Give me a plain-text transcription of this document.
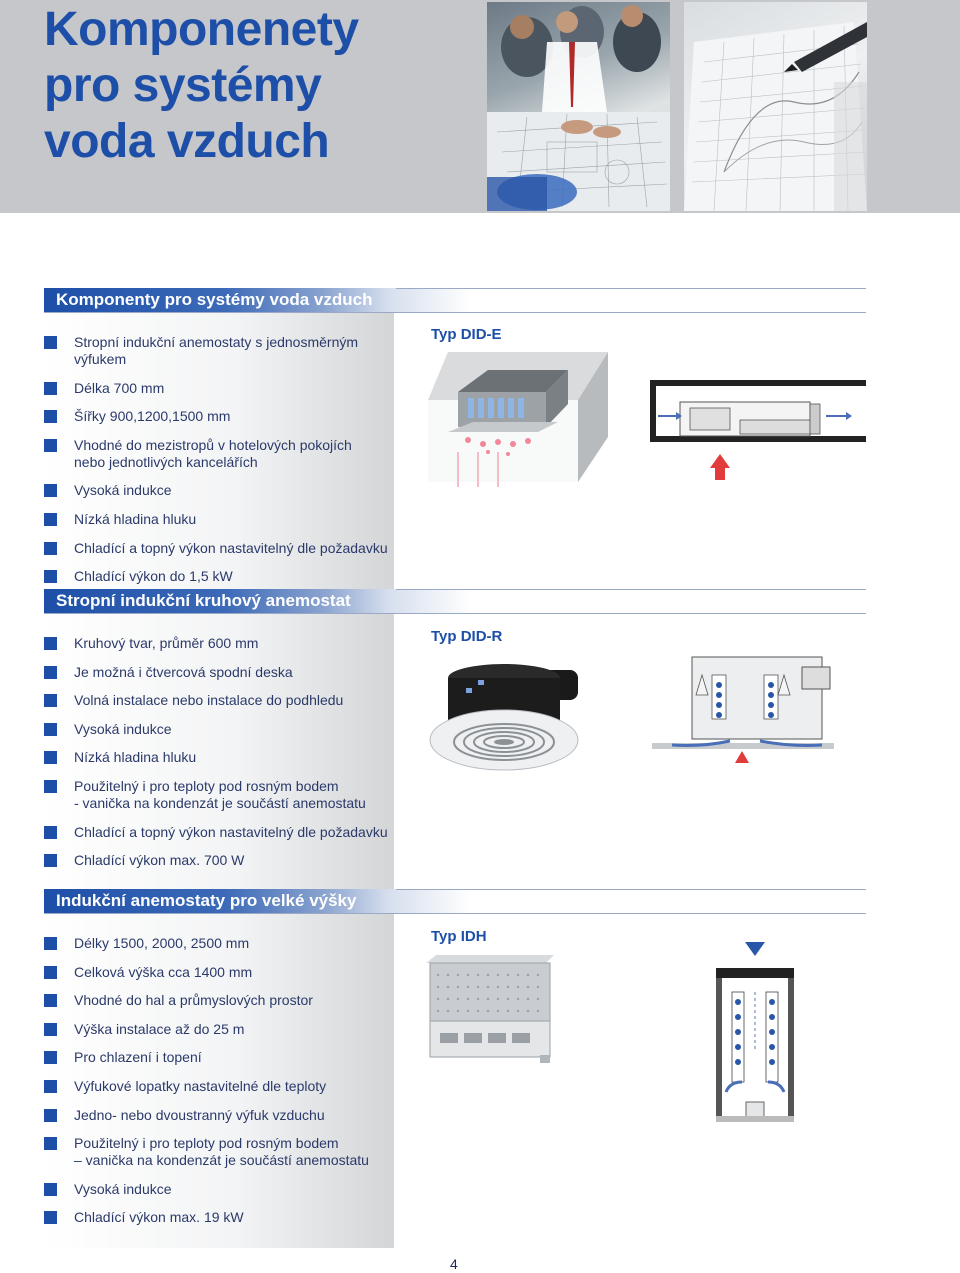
Komponenety
pro systémy
voda vzduch
Komponenty pro systémy voda vzduch
Stropní indukční anemostaty s jednosměrným výfukem
Délka 700 mm
Šířky 900,1200,1500 mm
Vhodné do mezistropů v hotelových pokojích
nebo jednotlivých kancelářích
Vysoká indukce
Nízká hladina hluku
Chladící a topný výkon nastavitelný dle požadavku
Chladící výkon do 1,5 kW
Typ DID-E
Stropní indukční kruhový anemostat
Kruhový tvar, průměr 600 mm
Je možná i čtvercová spodní deska
Volná instalace nebo instalace do podhledu
Vysoká indukce
Nízká hladina hluku
Použitelný i pro teploty pod rosným bodem
- vanička na kondenzát je součástí anemostatu
Chladící a topný výkon nastavitelný dle požadavku
Chladící výkon max. 700 W
Typ DID-R
Indukční anemostaty pro velké výšky
Délky 1500, 2000, 2500 mm
Celková výška cca 1400 mm
Vhodné do hal a průmyslových prostor
Výška instalace až do 25 m
Pro chlazení i topení
Výfukové lopatky nastavitelné dle teploty
Jedno- nebo dvoustranný výfuk vzduchu
Použitelný i pro teploty pod rosným bodem
– vanička na kondenzát je součástí anemostatu
Vysoká indukce
Chladící výkon max. 19 kW
Typ IDH
4
